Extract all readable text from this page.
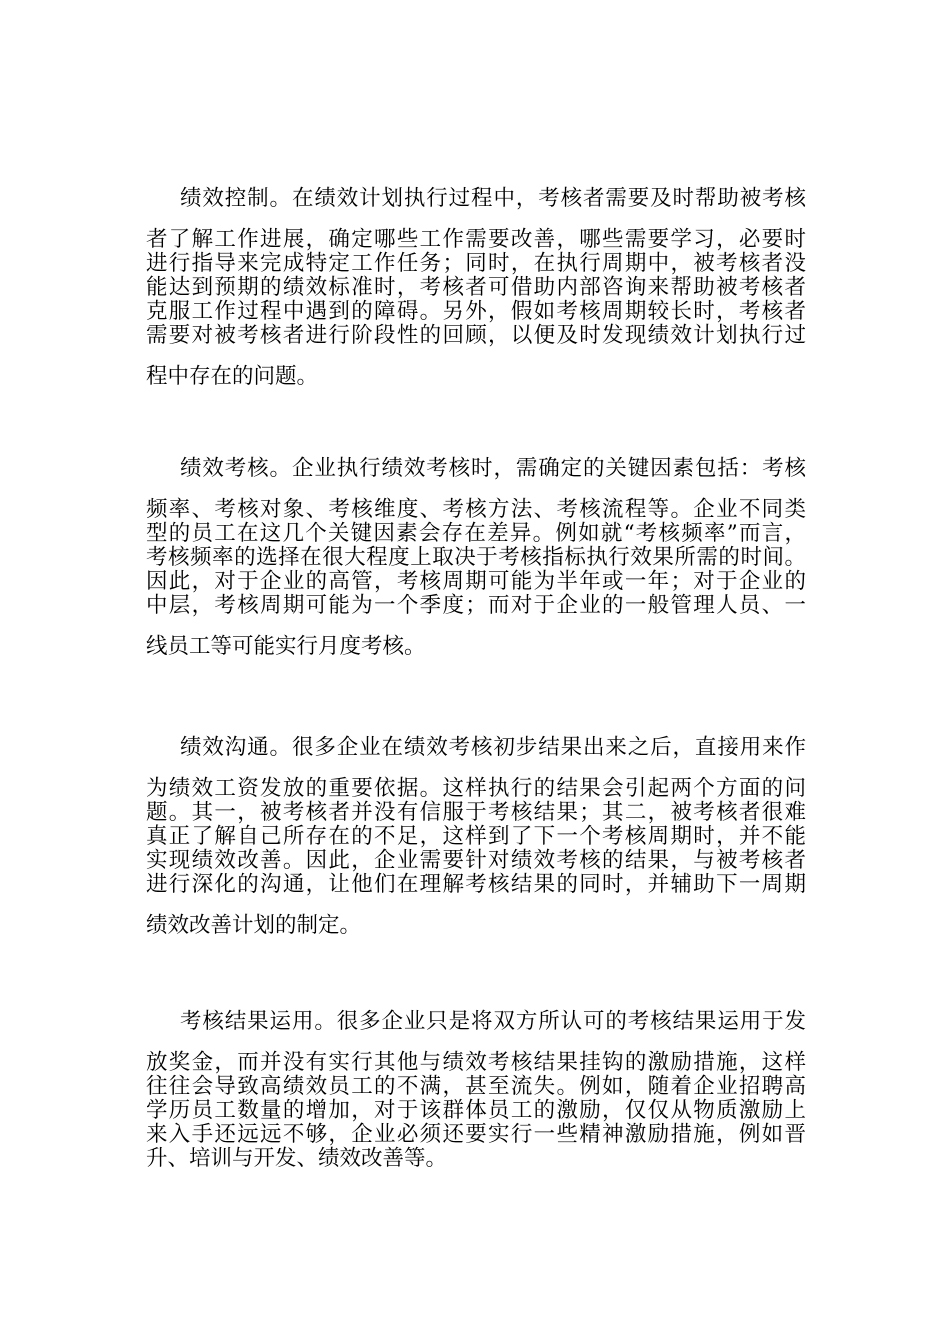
绩效控制。在绩效计划执行过程中，考核者需要及时帮助被考核

者了解工作进展，确定哪些工作需要改善，哪些需要学习，必要时

进行指导来完成特定工作任务；同时，在执行周期中，被考核者没

能达到预期的绩效标准时，考核者可借助内部咨询来帮助被考核者

克服工作过程中遇到的障碍。另外，假如考核周期较长时，考核者

需要对被考核者进行阶段性的回顾，以便及时发现绩效计划执行过

程中存在的问题。

绩效考核。企业执行绩效考核时，需确定的关键因素包括：考核

频率、考核对象、考核维度、考核方法、考核流程等。企业不同类

型的员工在这几个关键因素会存在差异。例如就“考核频率”而言，

考核频率的选择在很大程度上取决于考核指标执行效果所需的时间。

因此，对于企业的高管，考核周期可能为半年或一年；对于企业的

中层，考核周期可能为一个季度；而对于企业的一般管理人员、一

线员工等可能实行月度考核。

绩效沟通。很多企业在绩效考核初步结果出来之后，直接用来作

为绩效工资发放的重要依据。这样执行的结果会引起两个方面的问

题。其一，被考核者并没有信服于考核结果；其二，被考核者很难

真正了解自己所存在的不足，这样到了下一个考核周期时，并不能

实现绩效改善。因此，企业需要针对绩效考核的结果，与被考核者

进行深化的沟通，让他们在理解考核结果的同时，并辅助下一周期

绩效改善计划的制定。

考核结果运用。很多企业只是将双方所认可的考核结果运用于发

放奖金，而并没有实行其他与绩效考核结果挂钩的激励措施，这样

往往会导致高绩效员工的不满，甚至流失。例如，随着企业招聘高

学历员工数量的增加，对于该群体员工的激励，仅仅从物质激励上

来入手还远远不够，企业必须还要实行一些精神激励措施，例如晋

升、培训与开发、绩效改善等。
